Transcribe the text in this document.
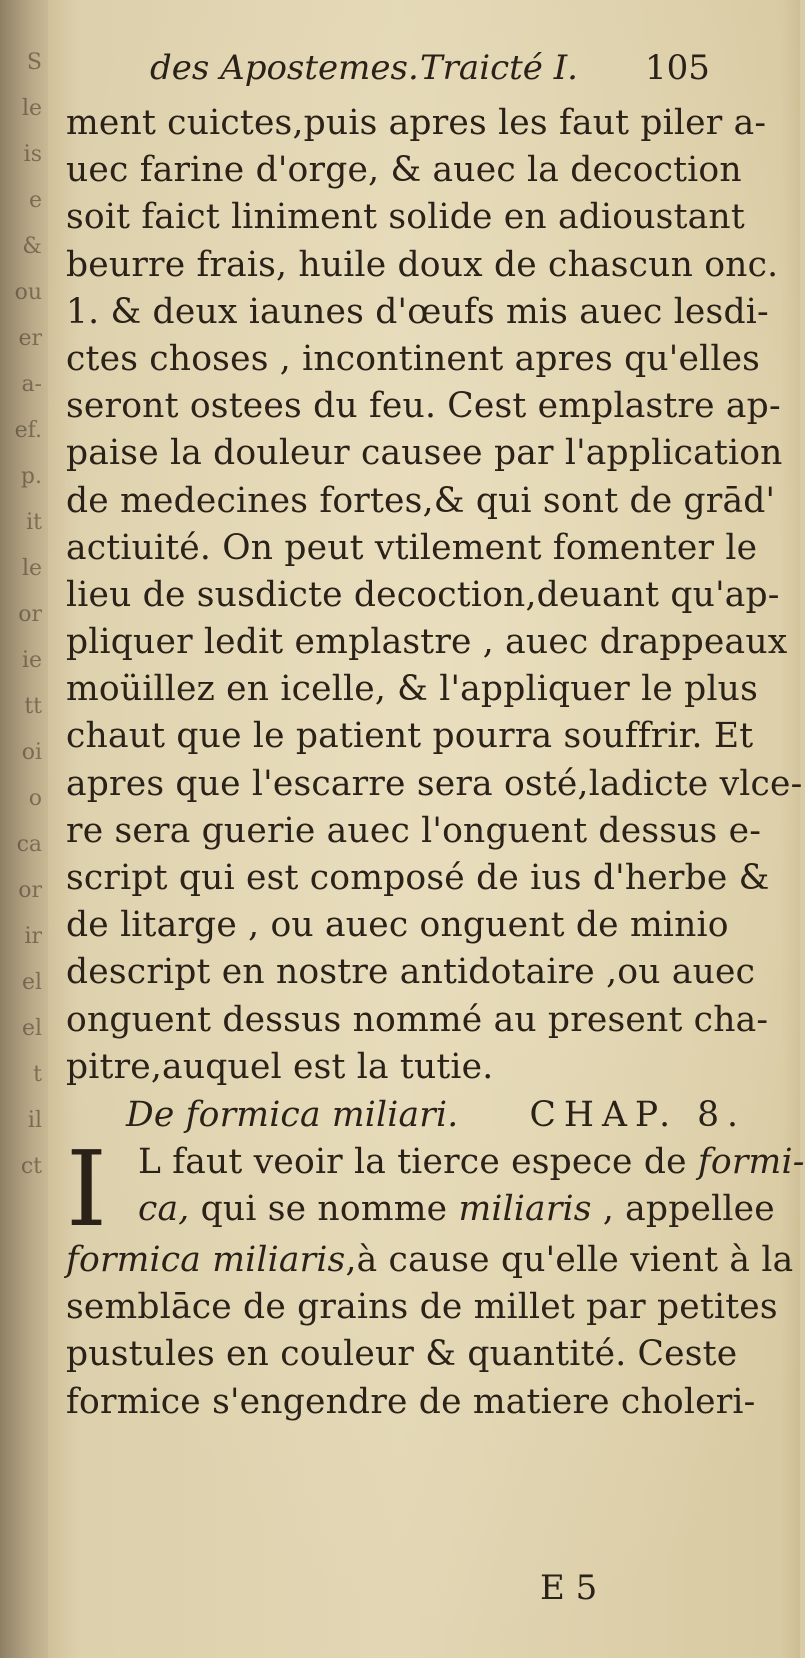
S
le
is
e
&
ou
er
a-
ef.
p.
it
le
or
ie
tt
oi
o
ca
or
ir
el
el
t
il
ct
des Apostemes. Traicté I. 105
ment cuictes,puis apres les faut piler a-
uec farine d'orge, & auec la decoction
soit faict liniment solide en adioustant
beurre frais, huile doux de chascun onc.
1. & deux iaunes d'œufs mis auec lesdi-
ctes choses , incontinent apres qu'elles
seront ostees du feu. Cest emplastre ap-
paise la douleur causee par l'application
de medecines fortes,& qui sont de grād'
actiuité. On peut vtilement fomenter le
lieu de susdicte decoction,deuant qu'ap-
pliquer ledit emplastre , auec drappeaux
moüillez en icelle, & l'appliquer le plus
chaut que le patient pourra souffrir. Et
apres que l'escarre sera osté,ladicte vlce-
re sera guerie auec l'onguent dessus e-
script qui est composé de ius d'herbe &
de litarge , ou auec onguent de minio
descript en nostre antidotaire ,ou auec
onguent dessus nommé au present cha-
pitre,auquel est la tutie.
De formica miliari. CHAP. 8.
I L faut veoir la tierce espece de formi-
ca, qui se nomme miliaris , appellee
formica miliaris,à cause qu'elle vient à la
semblāce de grains de millet par petites
pustules en couleur & quantité. Ceste
formice s'engendre de matiere choleri-
E 5
